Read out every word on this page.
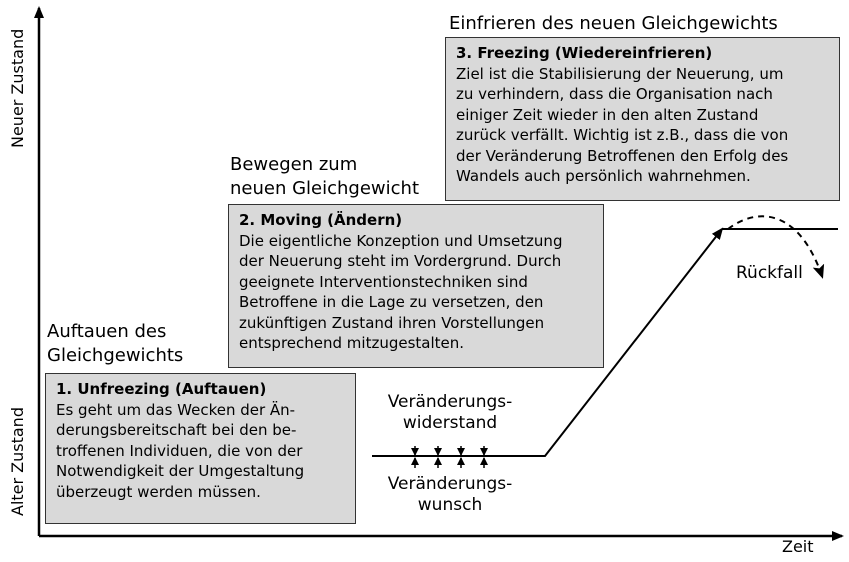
Neuer Zustand
Alter Zustand
Zeit
Auftauen des
Gleichgewichts
1. Unfreezing (Auftauen)
Es geht um das Wecken der Än-
derungsbereitschaft bei den be-
troffenen Individuen, die von der
Notwendigkeit der Umgestaltung
überzeugt werden müssen.
Bewegen zum
neuen Gleichgewicht
2. Moving (Ändern)
Die eigentliche Konzeption und Umsetzung
der Neuerung steht im Vordergrund. Durch
geeignete Interventionstechniken sind
Betroffene in die Lage zu versetzen, den
zukünftigen Zustand ihren Vorstellungen
entsprechend mitzugestalten.
Einfrieren des neuen Gleichgewichts
3. Freezing (Wiedereinfrieren)
Ziel ist die Stabilisierung der Neuerung, um
zu verhindern, dass die Organisation nach
einiger Zeit wieder in den alten Zustand
zurück verfällt. Wichtig ist z.B., dass die von
der Veränderung Betroffenen den Erfolg des
Wandels auch persönlich wahrnehmen.
Veränderungs-
widerstand
Veränderungs-
wunsch
Rückfall
